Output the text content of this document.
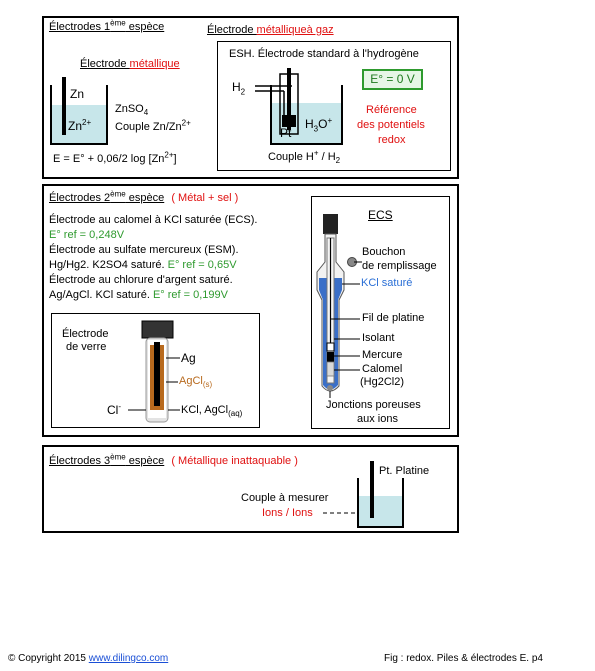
Électrodes 1ème espèce
Électrode métallique
Zn
$Zn^{2+}$
ZnSO$_4$
Couple $Zn/Zn^{2+}$
E = E° + 0,06/2 $\log [Zn^{2+}]$
Électrode métalliqueà gaz
ESH. Électrode standard à l'hydrogène
$H_2$
Pt
$H_3O^+$
Couple $H^+ / H_2$
E° = 0 V
Référence
des potentiels
redox
Électrodes 2ème espèce ( Métal + sel )
Électrode au calomel à KCl saturée (ECS).
E° ref = 0,248V
Électrode au sulfate mercureux (ESM).
Hg/Hg2. K2SO4 saturé. E° ref = 0,65V
Électrode au chlorure d'argent saturé.
Ag/AgCl. KCl saturé. E° ref = 0,199V
Électrode
de verre
Ag
AgCl$_{(s)}$
Cl-	KCl, AgCl$_{(aq)}$
ECS
Bouchon
de remplissage
KCl saturé
Fil de platine
Isolant
Mercure
Calomel
(Hg2Cl2)
Jonctions poreuses
aux ions
Électrodes 3ème espèce ( Métallique inattaquable )
Pt. Platine
Couple à mesurer
Ions / Ions
© Copyright 2015 www.dilingco.com	Fig : redox. Piles & électrodes E. p4
